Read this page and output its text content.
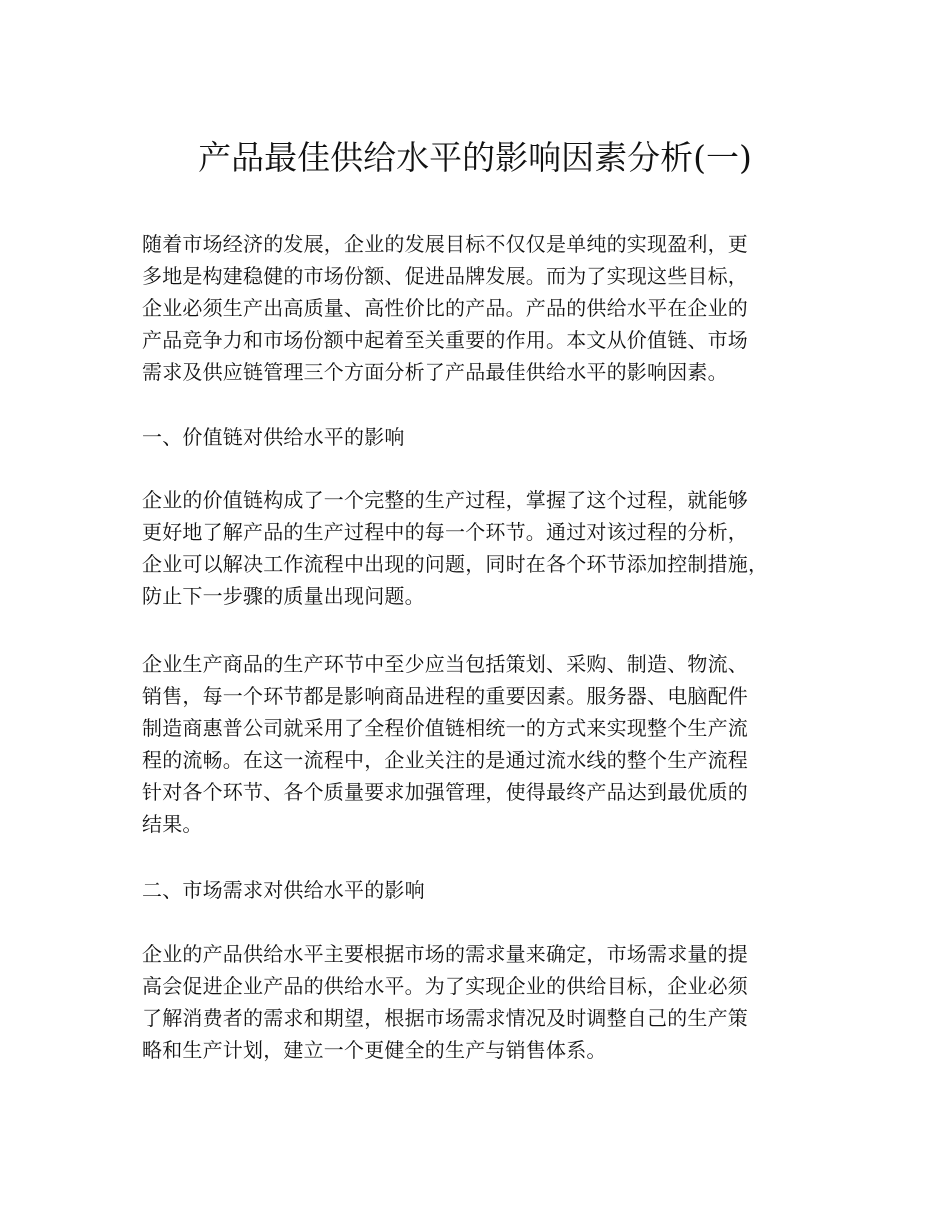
产品最佳供给水平的影响因素分析(一)
随着市场经济的发展，企业的发展目标不仅仅是单纯的实现盈利，更
多地是构建稳健的市场份额、促进品牌发展。而为了实现这些目标，
企业必须生产出高质量、高性价比的产品。产品的供给水平在企业的
产品竞争力和市场份额中起着至关重要的作用。本文从价值链、市场
需求及供应链管理三个方面分析了产品最佳供给水平的影响因素。
一、价值链对供给水平的影响
企业的价值链构成了一个完整的生产过程，掌握了这个过程，就能够
更好地了解产品的生产过程中的每一个环节。通过对该过程的分析，
企业可以解决工作流程中出现的问题，同时在各个环节添加控制措施，
防止下一步骤的质量出现问题。
企业生产商品的生产环节中至少应当包括策划、采购、制造、物流、
销售，每一个环节都是影响商品进程的重要因素。服务器、电脑配件
制造商惠普公司就采用了全程价值链相统一的方式来实现整个生产流
程的流畅。在这一流程中，企业关注的是通过流水线的整个生产流程
针对各个环节、各个质量要求加强管理，使得最终产品达到最优质的
结果。
二、市场需求对供给水平的影响
企业的产品供给水平主要根据市场的需求量来确定，市场需求量的提
高会促进企业产品的供给水平。为了实现企业的供给目标，企业必须
了解消费者的需求和期望，根据市场需求情况及时调整自己的生产策
略和生产计划，建立一个更健全的生产与销售体系。
